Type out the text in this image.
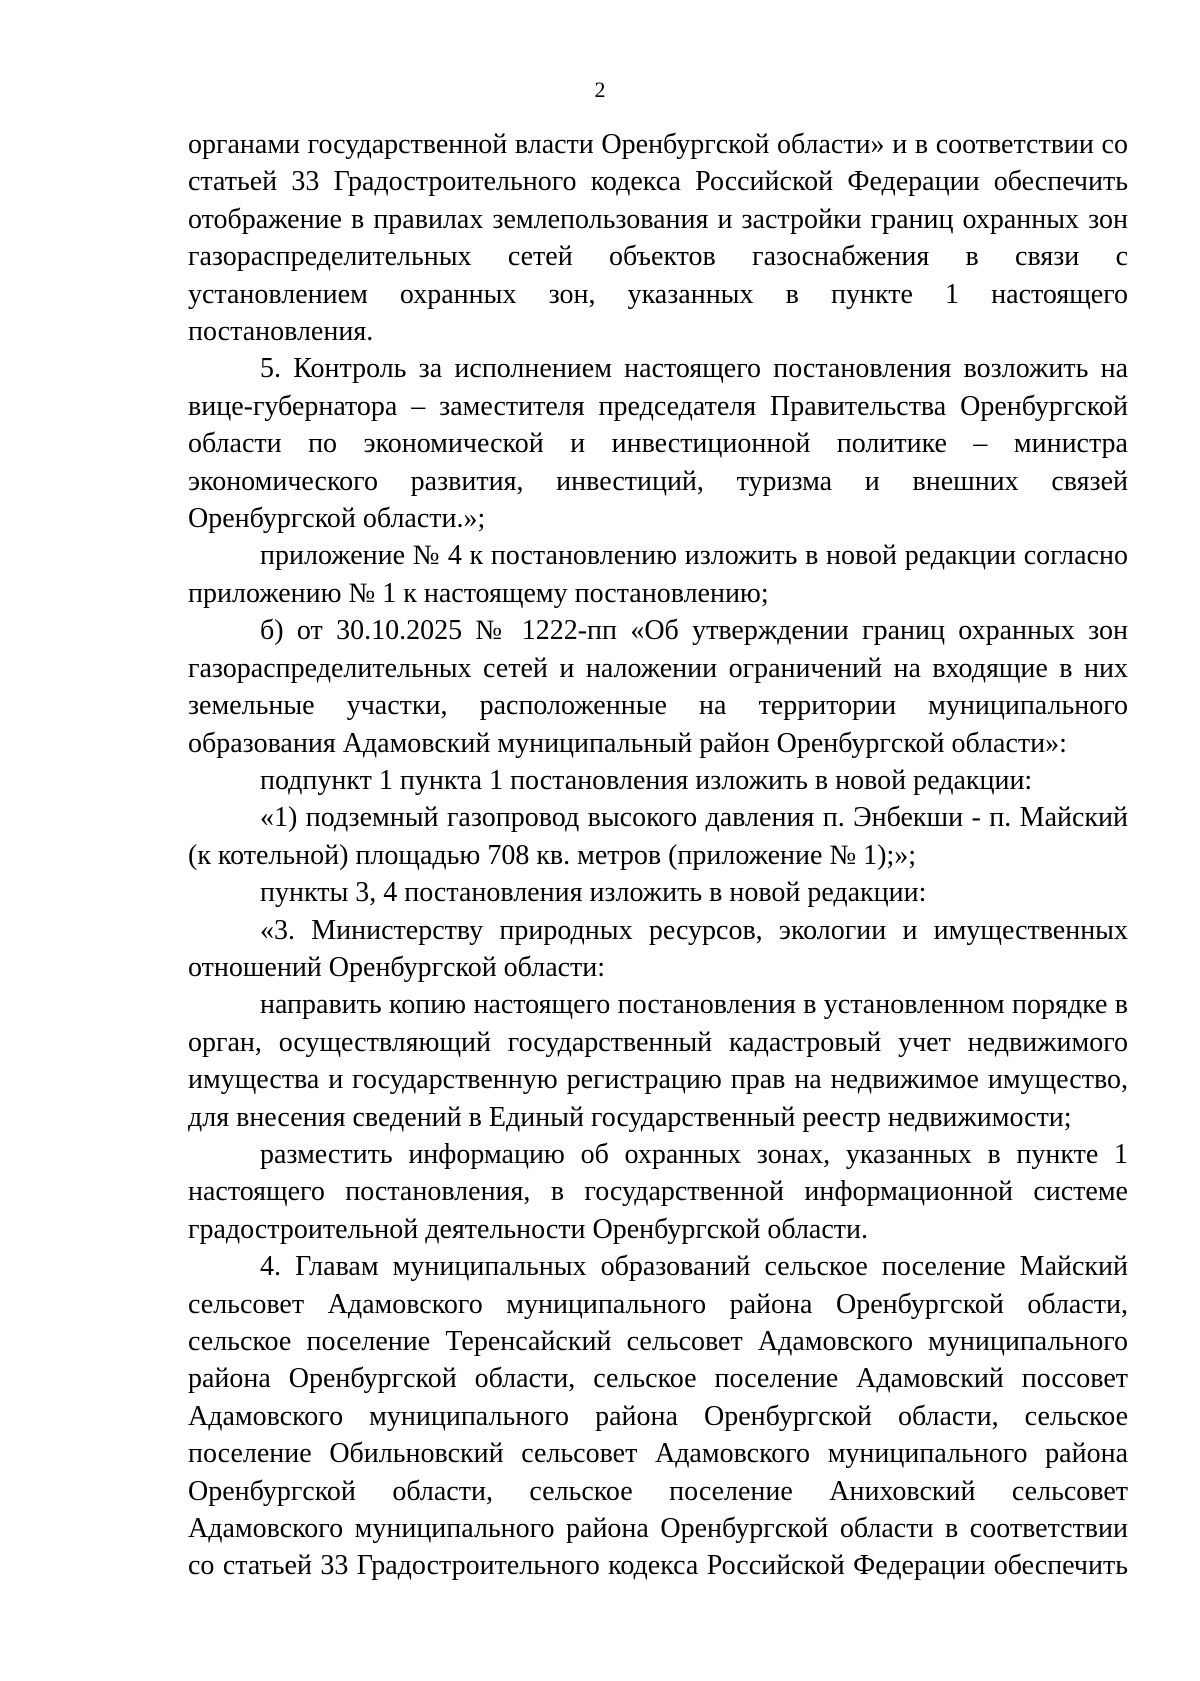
2

органами государственной власти Оренбургской области» и в соответствии со статьей 33 Градостроительного кодекса Российской Федерации обеспечить отображение в правилах землепользования и застройки границ охранных зон газораспределительных сетей объектов газоснабжения в связи с установлением охранных зон, указанных в пункте 1 настоящего постановления.

5. Контроль за исполнением настоящего постановления возложить на вице-губернатора – заместителя председателя Правительства Оренбургской области по экономической и инвестиционной политике – министра экономического развития, инвестиций, туризма и внешних связей Оренбургской области.»;

приложение № 4 к постановлению изложить в новой редакции согласно приложению № 1 к настоящему постановлению;

б) от 30.10.2025 № 1222-пп «Об утверждении границ охранных зон газораспределительных сетей и наложении ограничений на входящие в них земельные участки, расположенные на территории муниципального образования Адамовский муниципальный район Оренбургской области»:

подпункт 1 пункта 1 постановления изложить в новой редакции:

«1) подземный газопровод высокого давления п. Энбекши - п. Майский (к котельной) площадью 708 кв. метров (приложение № 1);»;

пункты 3, 4 постановления изложить в новой редакции:

«3. Министерству природных ресурсов, экологии и имущественных отношений Оренбургской области:

направить копию настоящего постановления в установленном порядке в орган, осуществляющий государственный кадастровый учет недвижимого имущества и государственную регистрацию прав на недвижимое имущество, для внесения сведений в Единый государственный реестр недвижимости;

разместить информацию об охранных зонах, указанных в пункте 1 настоящего постановления, в государственной информационной системе градостроительной деятельности Оренбургской области.

4. Главам муниципальных образований сельское поселение Майский сельсовет Адамовского муниципального района Оренбургской области, сельское поселение Теренсайский сельсовет Адамовского муниципального района Оренбургской области, сельское поселение Адамовский поссовет Адамовского муниципального района Оренбургской области, сельское поселение Обильновский сельсовет Адамовского муниципального района Оренбургской области, сельское поселение Аниховский сельсовет Адамовского муниципального района Оренбургской области в соответствии со статьей 33 Градостроительного кодекса Российской Федерации обеспечить
